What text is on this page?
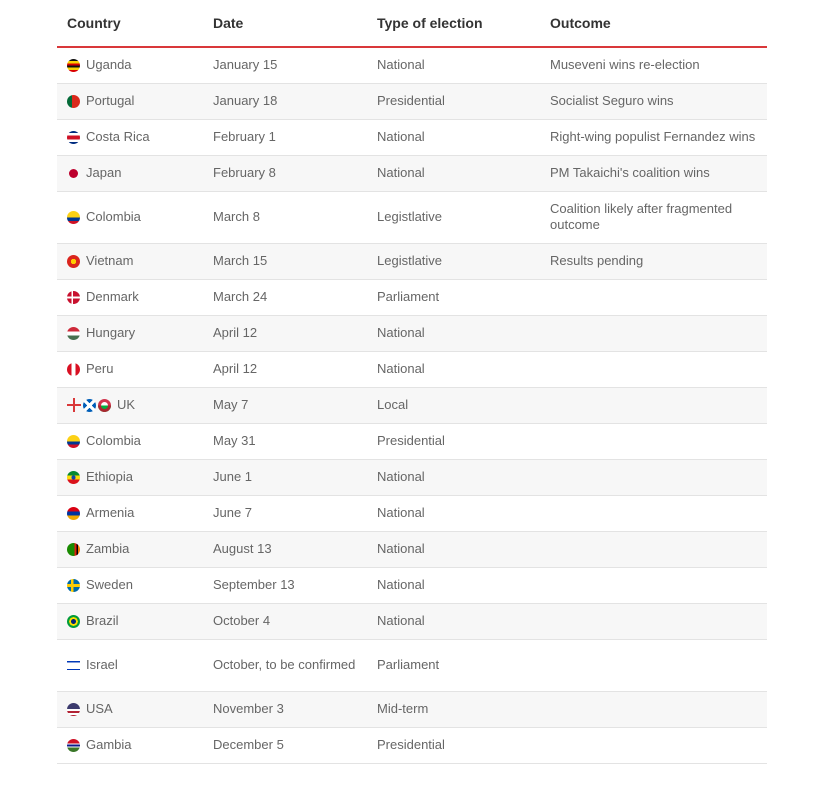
Country	Date	Type of election	Outcome

Uganda	January 15	National	Museveni wins re-election

Portugal	January 18	Presidential	Socialist Seguro wins

Costa Rica	February 1	National	Right-wing populist Fernandez wins

Japan	February 8	National	PM Takaichi's coalition wins

Colombia	March 8	Legistlative	Coalition likely after fragmented outcome

Vietnam	March 15	Legistlative	Results pending

Denmark	March 24	Parliament	

Hungary	April 12	National	

Peru	April 12	National	

UK	May 7	Local	

Colombia	May 31	Presidential	

Ethiopia	June 1	National	

Armenia	June 7	National	

Zambia	August 13	National	

Sweden	September 13	National	

Brazil	October 4	National	

Israel	October, to be confirmed	Parliament	

USA	November 3	Mid-term	

Gambia	December 5	Presidential	
